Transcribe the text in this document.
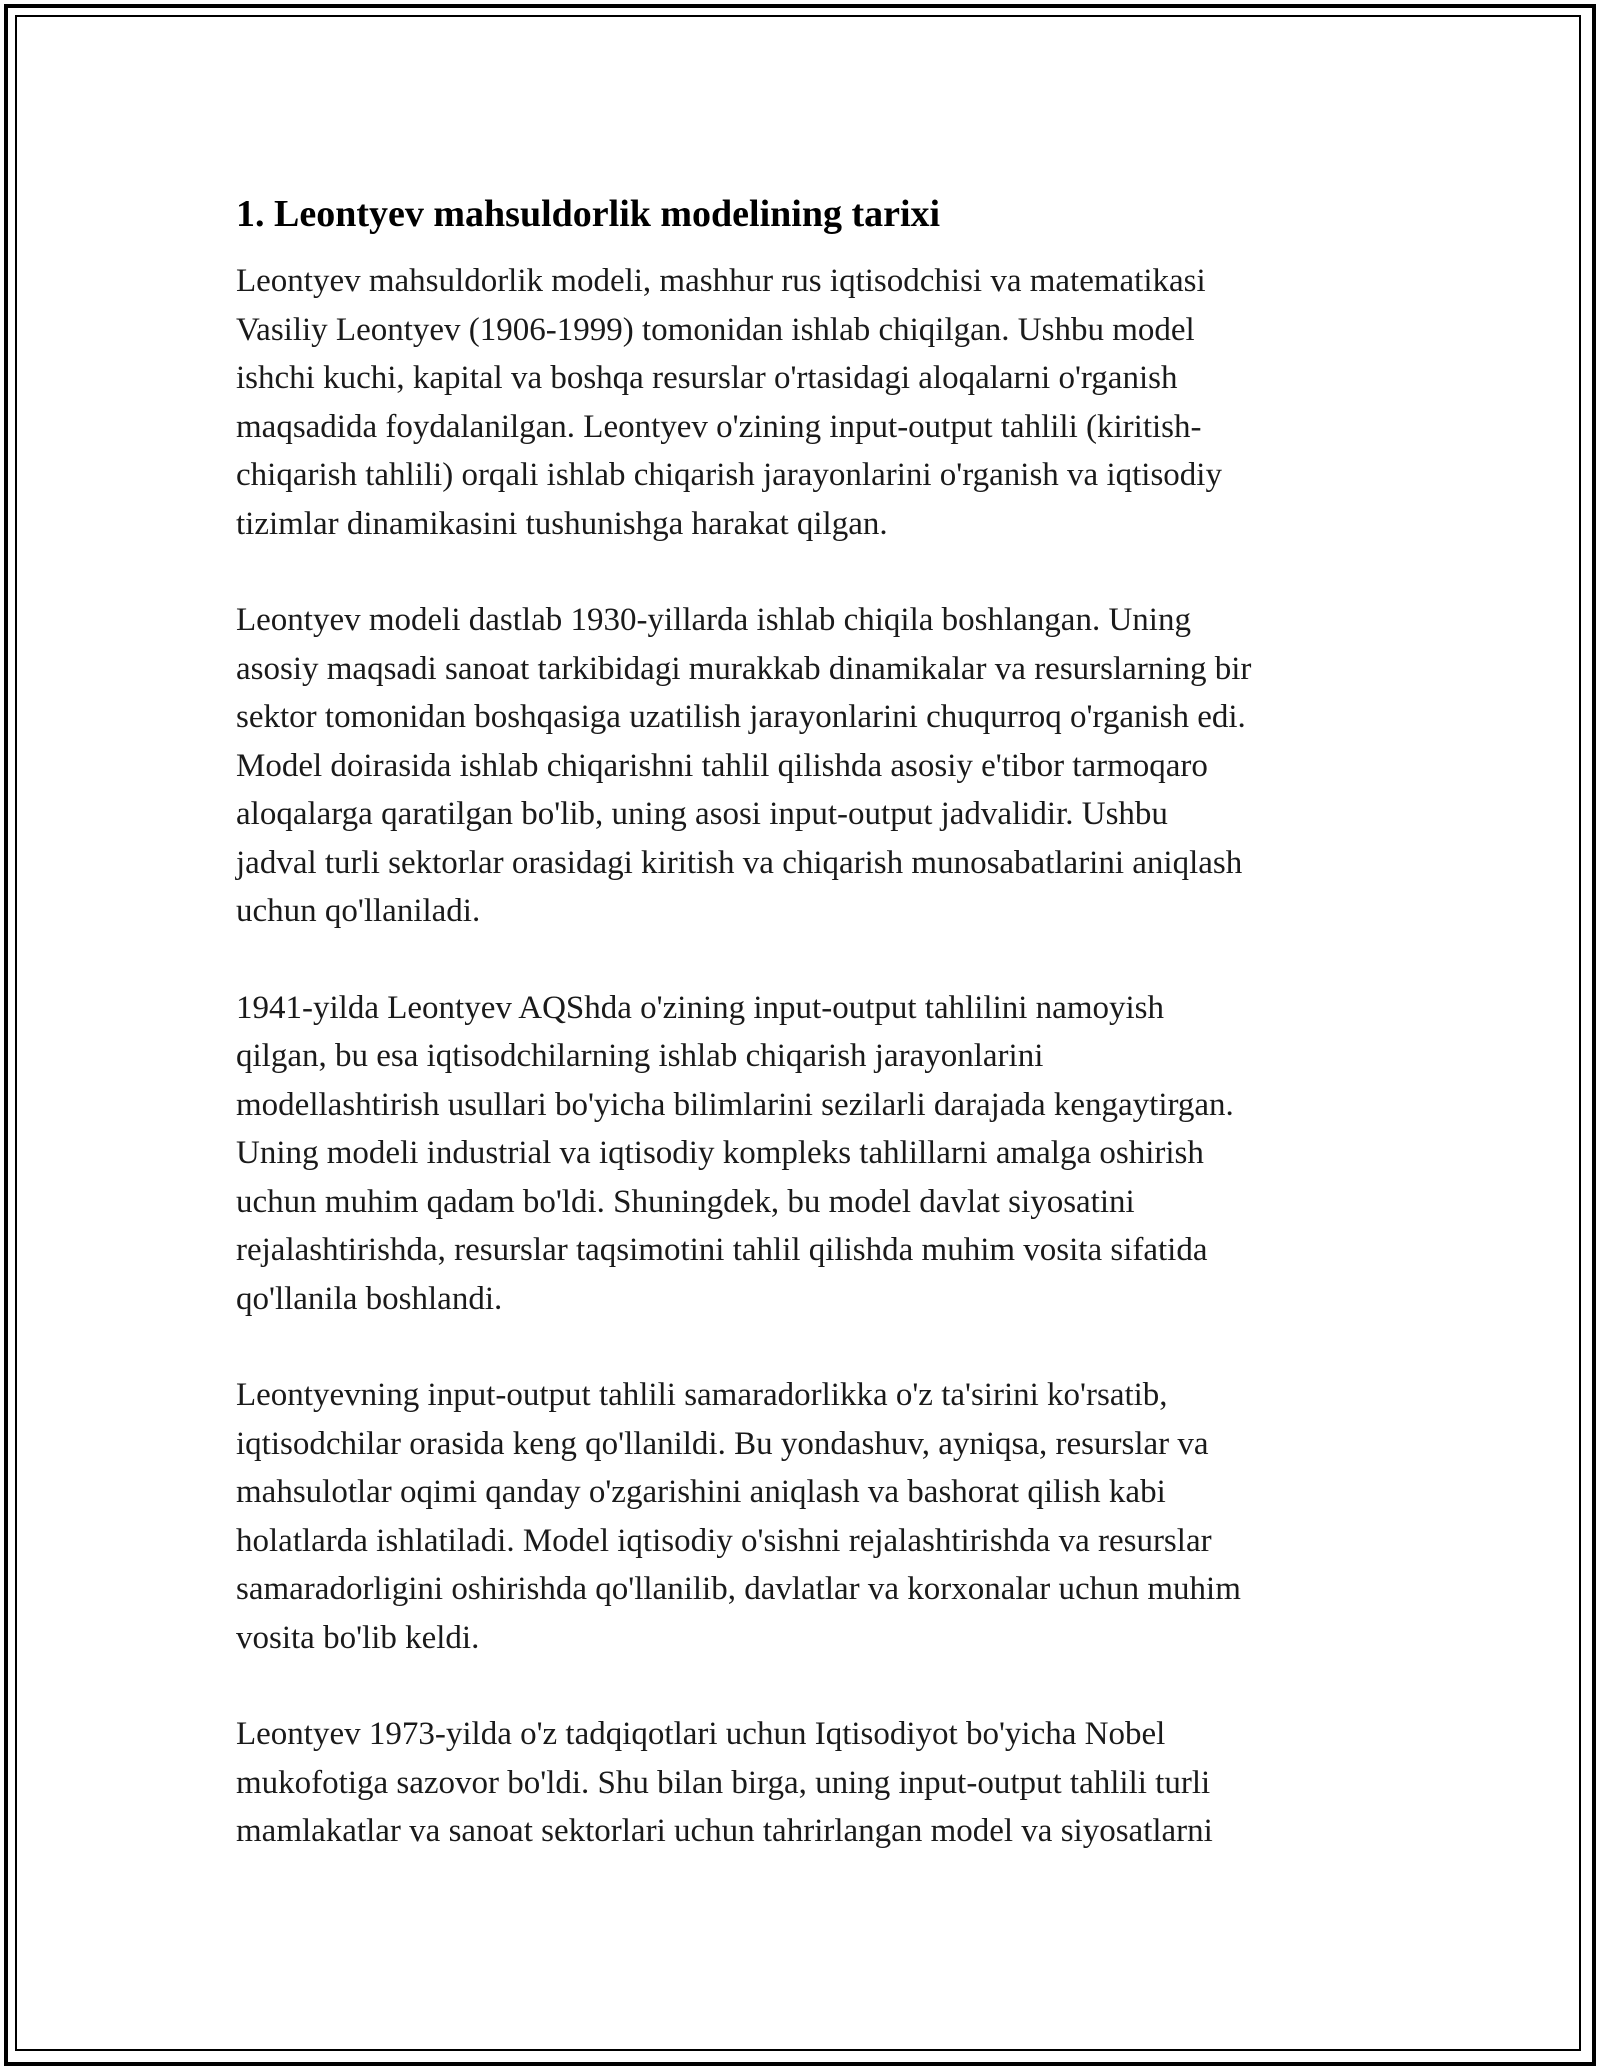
1. Leontyev mahsuldorlik modelining tarixi

Leontyev mahsuldorlik modeli, mashhur rus iqtisodchisi va matematikasi
Vasiliy Leontyev (1906-1999) tomonidan ishlab chiqilgan. Ushbu model
ishchi kuchi, kapital va boshqa resurslar o'rtasidagi aloqalarni o'rganish
maqsadida foydalanilgan. Leontyev o'zining input-output tahlili (kiritish-
chiqarish tahlili) orqali ishlab chiqarish jarayonlarini o'rganish va iqtisodiy
tizimlar dinamikasini tushunishga harakat qilgan.

Leontyev modeli dastlab 1930-yillarda ishlab chiqila boshlangan. Uning
asosiy maqsadi sanoat tarkibidagi murakkab dinamikalar va resurslarning bir
sektor tomonidan boshqasiga uzatilish jarayonlarini chuqurroq o'rganish edi.
Model doirasida ishlab chiqarishni tahlil qilishda asosiy e'tibor tarmoqaro
aloqalarga qaratilgan bo'lib, uning asosi input-output jadvalidir. Ushbu
jadval turli sektorlar orasidagi kiritish va chiqarish munosabatlarini aniqlash
uchun qo'llaniladi.

1941-yilda Leontyev AQShda o'zining input-output tahlilini namoyish
qilgan, bu esa iqtisodchilarning ishlab chiqarish jarayonlarini
modellashtirish usullari bo'yicha bilimlarini sezilarli darajada kengaytirgan.
Uning modeli industrial va iqtisodiy kompleks tahlillarni amalga oshirish
uchun muhim qadam bo'ldi. Shuningdek, bu model davlat siyosatini
rejalashtirishda, resurslar taqsimotini tahlil qilishda muhim vosita sifatida
qo'llanila boshlandi.

Leontyevning input-output tahlili samaradorlikka o'z ta'sirini ko'rsatib,
iqtisodchilar orasida keng qo'llanildi. Bu yondashuv, ayniqsa, resurslar va
mahsulotlar oqimi qanday o'zgarishini aniqlash va bashorat qilish kabi
holatlarda ishlatiladi. Model iqtisodiy o'sishni rejalashtirishda va resurslar
samaradorligini oshirishda qo'llanilib, davlatlar va korxonalar uchun muhim
vosita bo'lib keldi.

Leontyev 1973-yilda o'z tadqiqotlari uchun Iqtisodiyot bo'yicha Nobel
mukofotiga sazovor bo'ldi. Shu bilan birga, uning input-output tahlili turli
mamlakatlar va sanoat sektorlari uchun tahrirlangan model va siyosatlarni
